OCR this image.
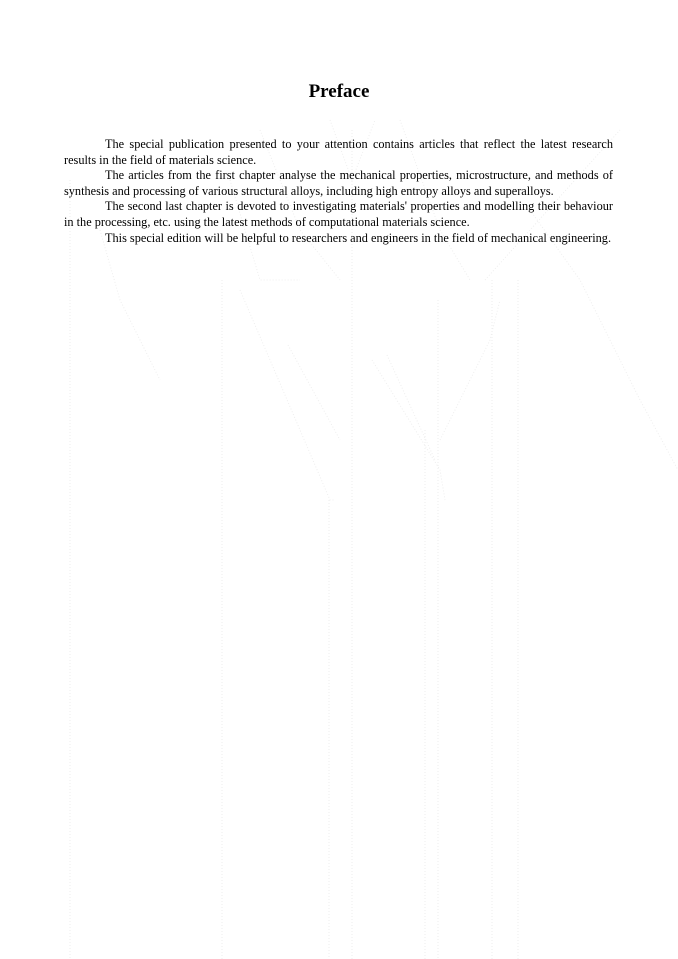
Preface

The special publication presented to your attention contains articles that reflect the latest research results in the field of materials science.

The articles from the first chapter analyse the mechanical properties, microstructure, and methods of synthesis and processing of various structural alloys, including high entropy alloys and superalloys.

The second last chapter is devoted to investigating materials' properties and modelling their behaviour in the processing, etc. using the latest methods of computational materials science.

This special edition will be helpful to researchers and engineers in the field of mechanical engineering.
